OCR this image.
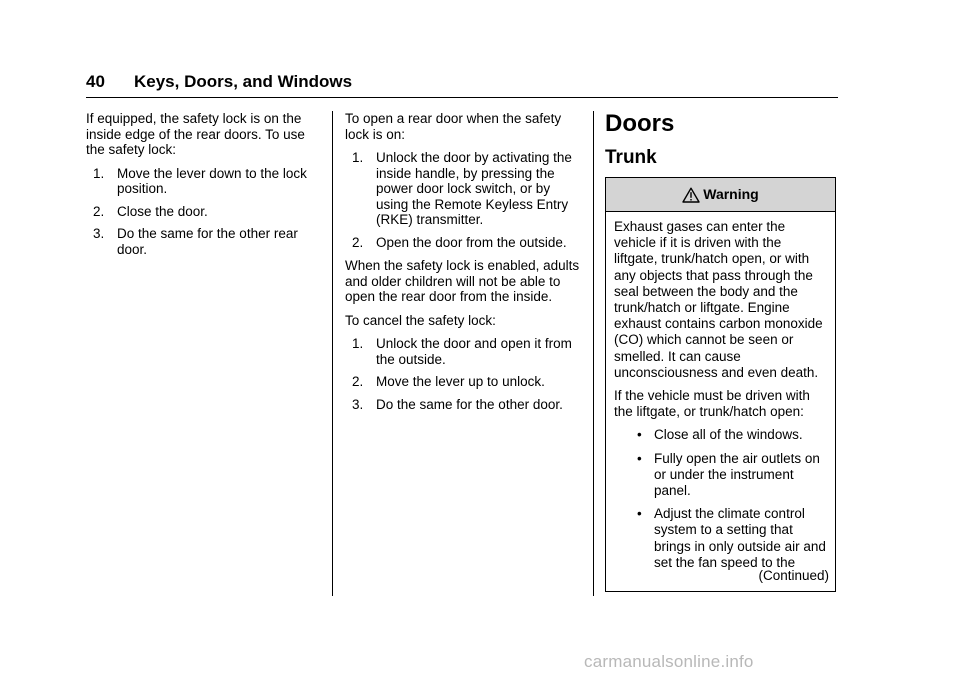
40 Keys, Doors, and Windows

If equipped, the safety lock is on the inside edge of the rear doors. To use the safety lock:

1. Move the lever down to the lock position.
2. Close the door.
3. Do the same for the other rear door.

To open a rear door when the safety lock is on:

1. Unlock the door by activating the inside handle, by pressing the power door lock switch, or by using the Remote Keyless Entry (RKE) transmitter.
2. Open the door from the outside.

When the safety lock is enabled, adults and older children will not be able to open the rear door from the inside.

To cancel the safety lock:

1. Unlock the door and open it from the outside.
2. Move the lever up to unlock.
3. Do the same for the other door.
Doors
Trunk
Warning

Exhaust gases can enter the vehicle if it is driven with the liftgate, trunk/hatch open, or with any objects that pass through the seal between the body and the trunk/hatch or liftgate. Engine exhaust contains carbon monoxide (CO) which cannot be seen or smelled. It can cause unconsciousness and even death.

If the vehicle must be driven with the liftgate, or trunk/hatch open:

• Close all of the windows.
• Fully open the air outlets on or under the instrument panel.
• Adjust the climate control system to a setting that brings in only outside air and set the fan speed to the
(Continued)
carmanualsonline.info
